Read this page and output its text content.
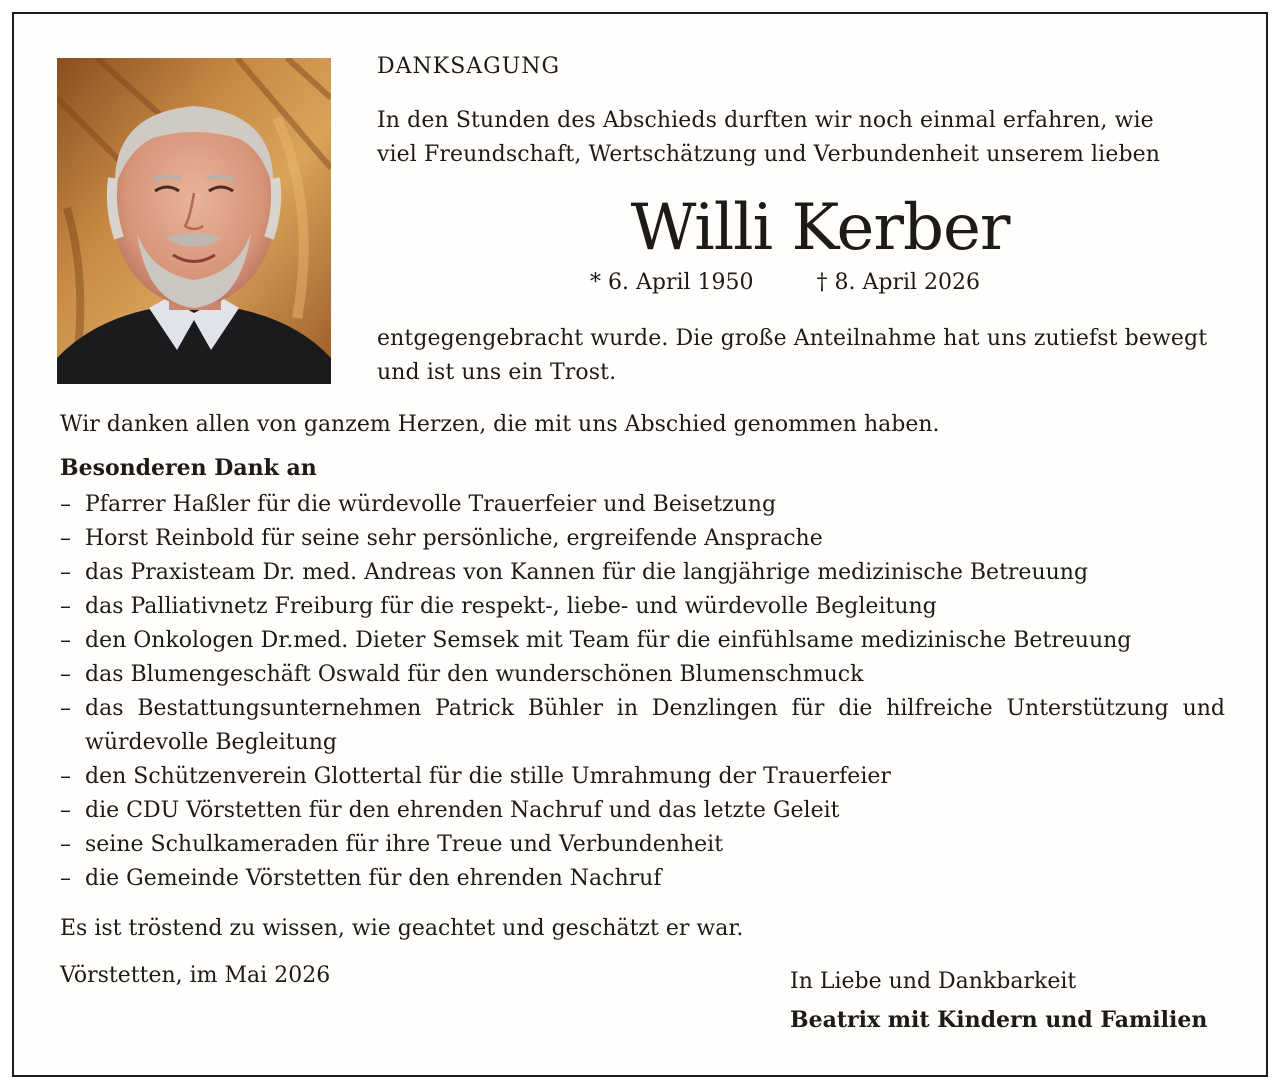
DANKSAGUNG
In den Stunden des Abschieds durften wir noch einmal erfahren, wie
viel Freundschaft, Wertschätzung und Verbundenheit unserem lieben
Willi Kerber
* 6. April 1950	† 8. April 2026
entgegengebracht wurde. Die große Anteilnahme hat uns zutiefst bewegt
und ist uns ein Trost.
Wir danken allen von ganzem Herzen, die mit uns Abschied genommen haben.
Besonderen Dank an
– Pfarrer Haßler für die würdevolle Trauerfeier und Beisetzung
– Horst Reinbold für seine sehr persönliche, ergreifende Ansprache
– das Praxisteam Dr. med. Andreas von Kannen für die langjährige medizinische Betreuung
– das Palliativnetz Freiburg für die respekt-, liebe- und würdevolle Begleitung
– den Onkologen Dr.med. Dieter Semsek mit Team für die einfühlsame medizinische Betreuung
– das Blumengeschäft Oswald für den wunderschönen Blumenschmuck
– das Bestattungsunternehmen Patrick Bühler in Denzlingen für die hilfreiche Unterstützung und würdevolle Begleitung
– den Schützenverein Glottertal für die stille Umrahmung der Trauerfeier
– die CDU Vörstetten für den ehrenden Nachruf und das letzte Geleit
– seine Schulkameraden für ihre Treue und Verbundenheit
– die Gemeinde Vörstetten für den ehrenden Nachruf
Es ist tröstend zu wissen, wie geachtet und geschätzt er war.
Vörstetten, im Mai 2026	In Liebe und Dankbarkeit
Beatrix mit Kindern und Familien
